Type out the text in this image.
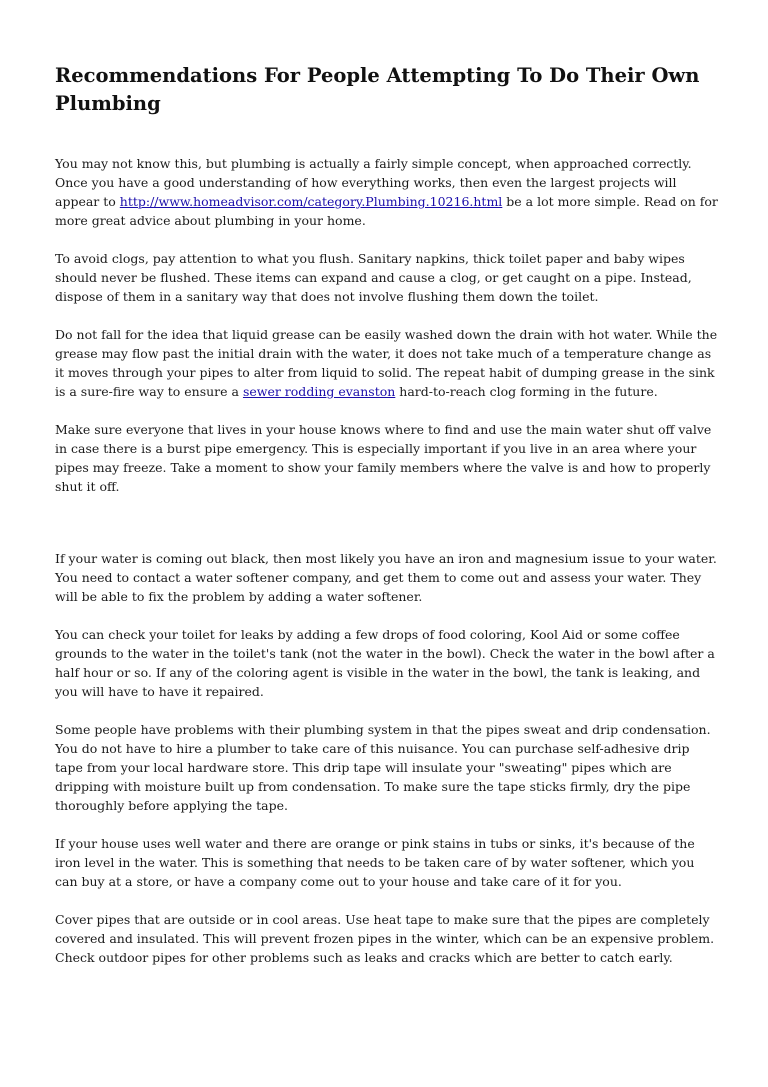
Recommendations For People Attempting To Do Their Own Plumbing

You may not know this, but plumbing is actually a fairly simple concept, when approached correctly. Once you have a good understanding of how everything works, then even the largest projects will appear to http://www.homeadvisor.com/category.Plumbing.10216.html be a lot more simple. Read on for more great advice about plumbing in your home.

To avoid clogs, pay attention to what you flush. Sanitary napkins, thick toilet paper and baby wipes should never be flushed. These items can expand and cause a clog, or get caught on a pipe. Instead, dispose of them in a sanitary way that does not involve flushing them down the toilet.

Do not fall for the idea that liquid grease can be easily washed down the drain with hot water. While the grease may flow past the initial drain with the water, it does not take much of a temperature change as it moves through your pipes to alter from liquid to solid. The repeat habit of dumping grease in the sink is a sure-fire way to ensure a sewer rodding evanston hard-to-reach clog forming in the future.

Make sure everyone that lives in your house knows where to find and use the main water shut off valve in case there is a burst pipe emergency. This is especially important if you live in an area where your pipes may freeze. Take a moment to show your family members where the valve is and how to properly shut it off.

If your water is coming out black, then most likely you have an iron and magnesium issue to your water. You need to contact a water softener company, and get them to come out and assess your water. They will be able to fix the problem by adding a water softener.

You can check your toilet for leaks by adding a few drops of food coloring, Kool Aid or some coffee grounds to the water in the toilet's tank (not the water in the bowl). Check the water in the bowl after a half hour or so. If any of the coloring agent is visible in the water in the bowl, the tank is leaking, and you will have to have it repaired.

Some people have problems with their plumbing system in that the pipes sweat and drip condensation. You do not have to hire a plumber to take care of this nuisance. You can purchase self-adhesive drip tape from your local hardware store. This drip tape will insulate your "sweating" pipes which are dripping with moisture built up from condensation. To make sure the tape sticks firmly, dry the pipe thoroughly before applying the tape.

If your house uses well water and there are orange or pink stains in tubs or sinks, it's because of the iron level in the water. This is something that needs to be taken care of by water softener, which you can buy at a store, or have a company come out to your house and take care of it for you.

Cover pipes that are outside or in cool areas. Use heat tape to make sure that the pipes are completely covered and insulated. This will prevent frozen pipes in the winter, which can be an expensive problem. Check outdoor pipes for other problems such as leaks and cracks which are better to catch early.
